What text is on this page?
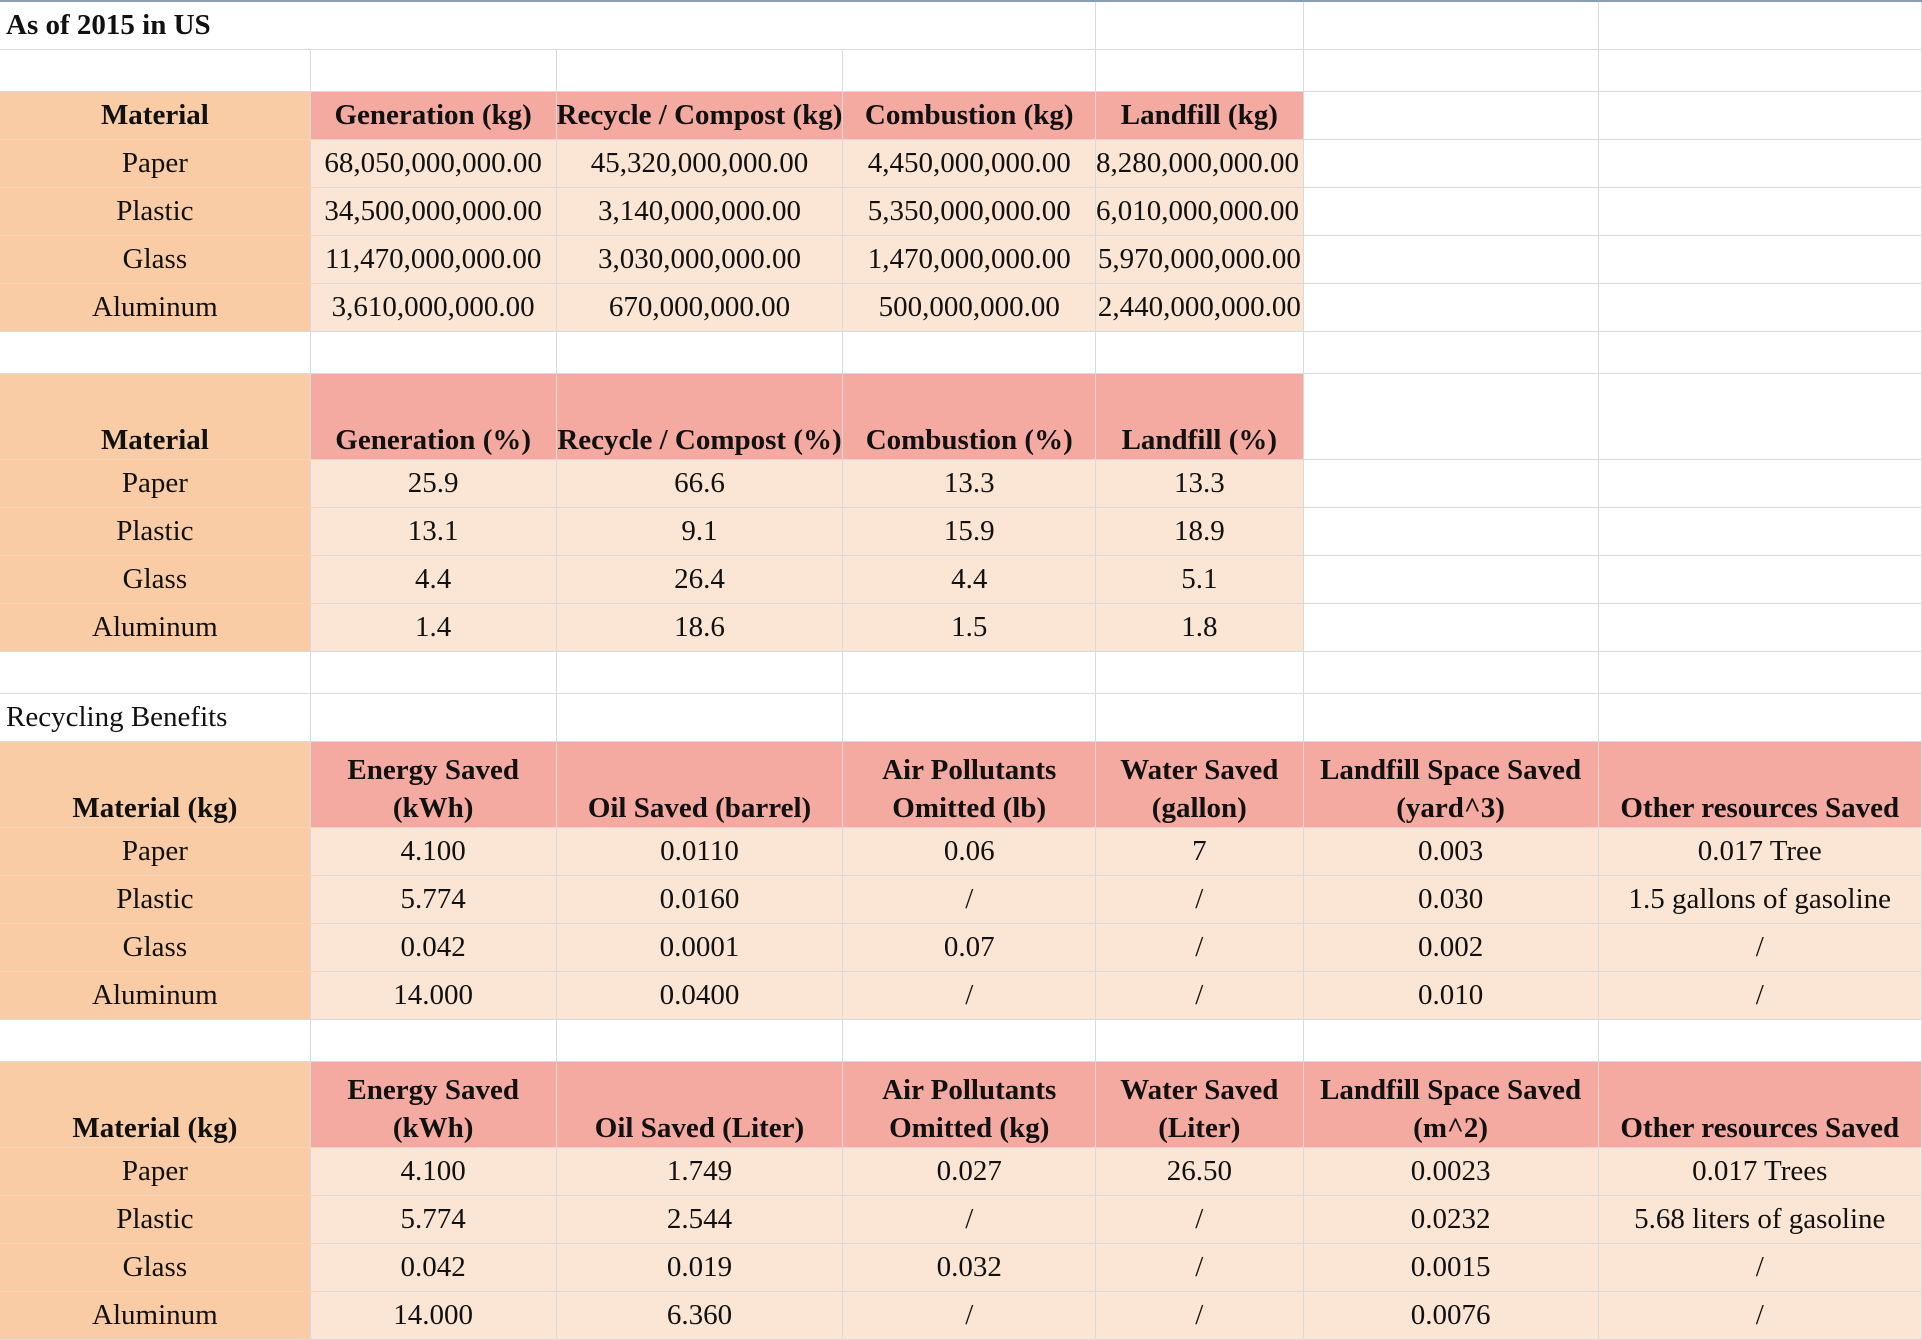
As of 2015 in US						

Material	Generation (kg)	Recycle / Compost (kg)	Combustion (kg)	Landfill (kg)		
Paper	68,050,000,000.00	45,320,000,000.00	4,450,000,000.00	8,280,000,000.00		
Plastic	34,500,000,000.00	3,140,000,000.00	5,350,000,000.00	6,010,000,000.00		
Glass	11,470,000,000.00	3,030,000,000.00	1,470,000,000.00	5,970,000,000.00		
Aluminum	3,610,000,000.00	670,000,000.00	500,000,000.00	2,440,000,000.00		

Material	Generation (%)	Recycle / Compost (%)	Combustion (%)	Landfill (%)		
Paper	25.9	66.6	13.3	13.3		
Plastic	13.1	9.1	15.9	18.9		
Glass	4.4	26.4	4.4	5.1		
Aluminum	1.4	18.6	1.5	1.8		

Recycling Benefits						
Material (kg)	Energy Saved (kWh)	Oil Saved (barrel)	Air Pollutants Omitted (lb)	Water Saved (gallon)	Landfill Space Saved (yard^3)	Other resources Saved
Paper	4.100	0.0110	0.06	7	0.003	0.017 Tree
Plastic	5.774	0.0160	/	/	0.030	1.5 gallons of gasoline
Glass	0.042	0.0001	0.07	/	0.002	/
Aluminum	14.000	0.0400	/	/	0.010	/

Material (kg)	Energy Saved (kWh)	Oil Saved (Liter)	Air Pollutants Omitted (kg)	Water Saved (Liter)	Landfill Space Saved (m^2)	Other resources Saved
Paper	4.100	1.749	0.027	26.50	0.0023	0.017 Trees
Plastic	5.774	2.544	/	/	0.0232	5.68 liters of gasoline
Glass	0.042	0.019	0.032	/	0.0015	/
Aluminum	14.000	6.360	/	/	0.0076	/
